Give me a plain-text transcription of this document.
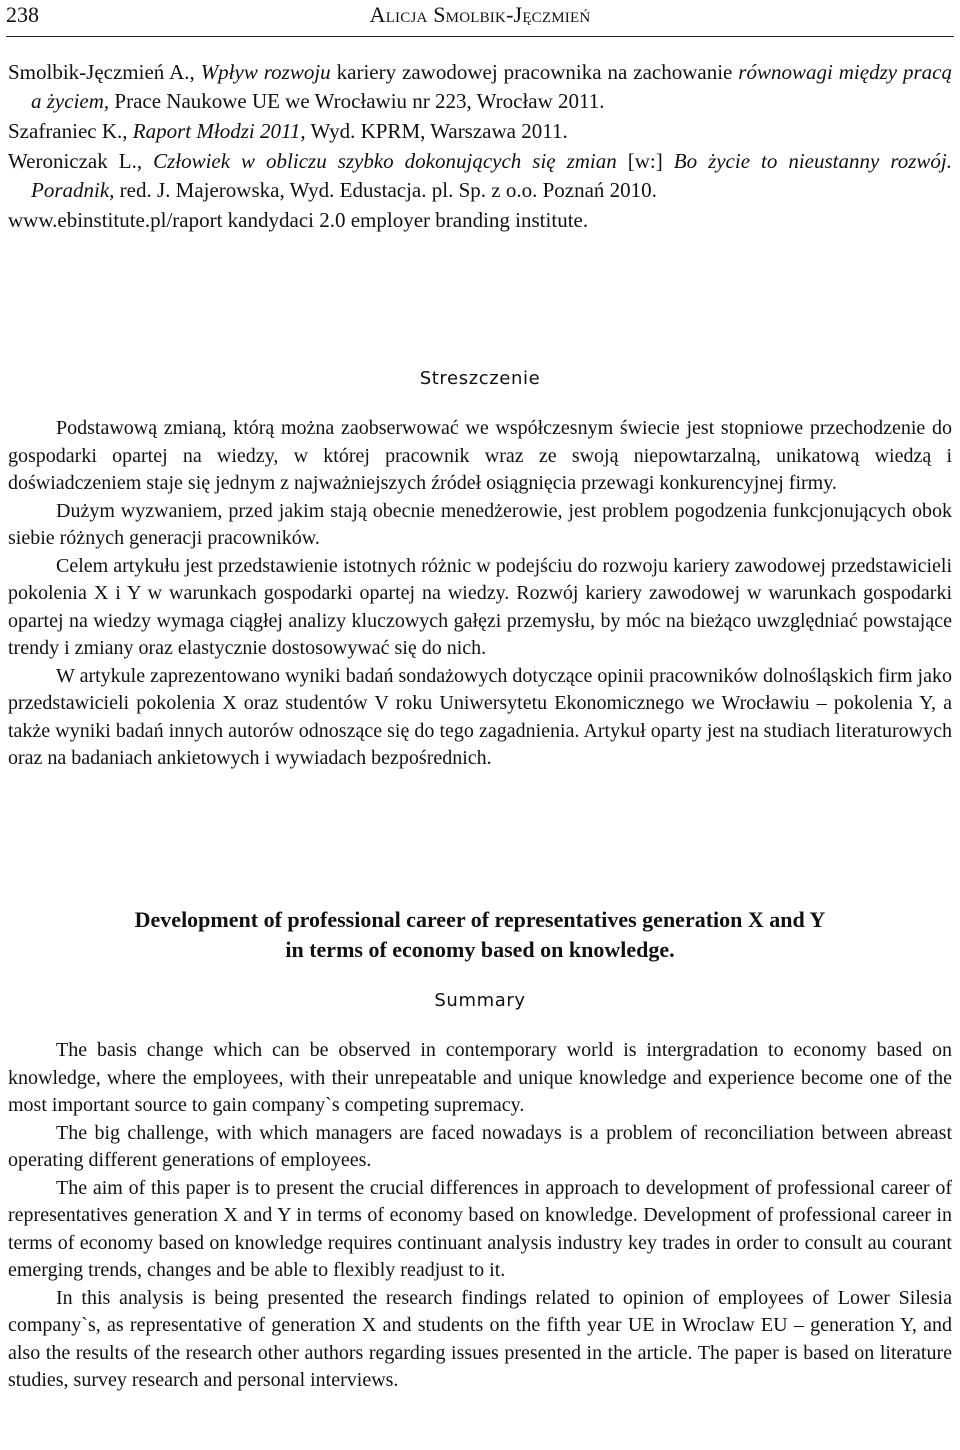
238	Alicja Smolbik-Jęczmień

Smolbik-Jęczmień A., Wpływ rozwoju kariery zawodowej pracownika na zachowanie równowagi między pracą a życiem, Prace Naukowe UE we Wrocławiu nr 223, Wrocław 2011.

Szafraniec K., Raport Młodzi 2011, Wyd. KPRM, Warszawa 2011.

Weroniczak L., Człowiek w obliczu szybko dokonujących się zmian [w:] Bo życie to nieustanny rozwój. Poradnik, red. J. Majerowska, Wyd. Edustacja. pl. Sp. z o.o. Poznań 2010.

www.ebinstitute.pl/raport kandydaci 2.0 employer branding institute.

Streszczenie

Podstawową zmianą, którą można zaobserwować we współczesnym świecie jest stopniowe przechodzenie do gospodarki opartej na wiedzy, w której pracownik wraz ze swoją niepowtarzalną, unikatową wiedzą i doświadczeniem staje się jednym z najważniejszych źródeł osiągnięcia przewagi konkurencyjnej firmy.

Dużym wyzwaniem, przed jakim stają obecnie menedżerowie, jest problem pogodzenia funkcjonujących obok siebie różnych generacji pracowników.

Celem artykułu jest przedstawienie istotnych różnic w podejściu do rozwoju kariery zawodowej przedstawicieli pokolenia X i Y w warunkach gospodarki opartej na wiedzy. Rozwój kariery zawodowej w warunkach gospodarki opartej na wiedzy wymaga ciągłej analizy kluczowych gałęzi przemysłu, by móc na bieżąco uwzględniać powstające trendy i zmiany oraz elastycznie dostosowywać się do nich.

W artykule zaprezentowano wyniki badań sondażowych dotyczące opinii pracowników dolnośląskich firm jako przedstawicieli pokolenia X oraz studentów V roku Uniwersytetu Ekonomicznego we Wrocławiu – pokolenia Y, a także wyniki badań innych autorów odnoszące się do tego zagadnienia. Artykuł oparty jest na studiach literaturowych oraz na badaniach ankietowych i wywiadach bezpośrednich.

Development of professional career of representatives generation X and Y
in terms of economy based on knowledge.
Summary

The basis change which can be observed in contemporary world is intergradation to economy based on knowledge, where the employees, with their unrepeatable and unique knowledge and experience become one of the most important source to gain company`s competing supremacy.

The big challenge, with which managers are faced nowadays is a problem of reconciliation between abreast operating different generations of employees.

The aim of this paper is to present the crucial differences in approach to development of professional career of representatives generation X and Y in terms of economy based on knowledge. Development of professional career in terms of economy based on knowledge requires continuant analysis industry key trades in order to consult au courant emerging trends, changes and be able to flexibly readjust to it.

In this analysis is being presented the research findings related to opinion of employees of Lower Silesia company`s, as representative of generation X and students on the fifth year UE in Wroclaw EU – generation Y, and also the results of the research other authors regarding issues presented in the article. The paper is based on literature studies, survey research and personal interviews.
